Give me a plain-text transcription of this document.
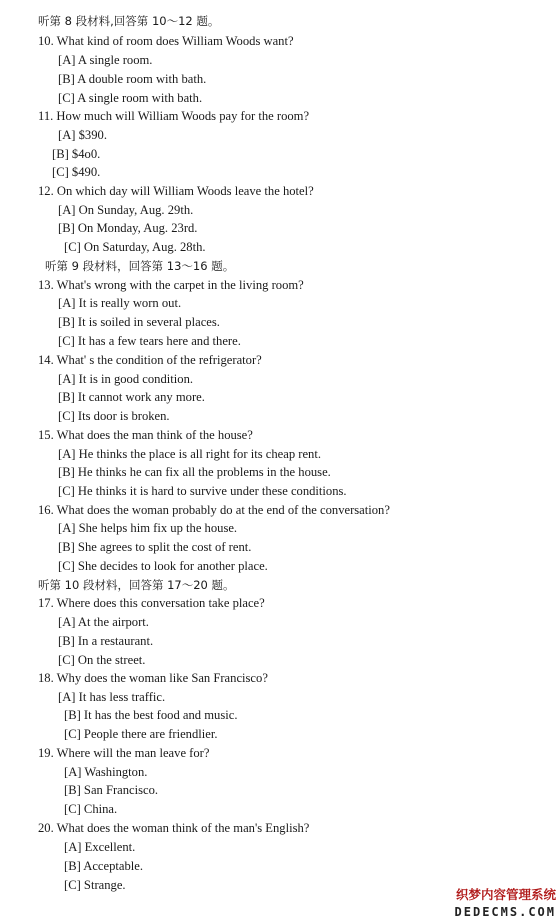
听第 8 段材料,回答第 10～12 题。
10. What kind of room does William Woods want?
[A] A single room.
[B] A double room with bath.
[C] A single room with bath.
11. How much will William Woods pay for the room?
[A] $390.
[B] $4o0.
[C] $490.
12. On which day will William Woods leave the hotel?
[A] On Sunday, Aug. 29th.
[B] On Monday, Aug. 23rd.
[C] On Saturday, Aug. 28th.
听第 9 段材料，回答第 13～16 题。
13. What's wrong with the carpet in the living room?
[A] It is really worn out.
[B] It is soiled in several places.
[C] It has a few tears here and there.
14. What' s the condition of the refrigerator?
[A] It is in good condition.
[B] It cannot work any more.
[C] Its door is broken.
15. What does the man think of the house?
[A] He thinks the place is all right for its cheap rent.
[B] He thinks he can fix all the problems in the house.
[C] He thinks it is hard to survive under these conditions.
16. What does the woman probably do at the end of the conversation?
[A] She helps him fix up the house.
[B] She agrees to split the cost of rent.
[C] She decides to look for another place.
听第 10 段材料，回答第 17～20 题。
17. Where does this conversation take place?
[A] At the airport.
[B] In a restaurant.
[C] On the street.
18. Why does the woman like San Francisco?
[A] It has less traffic.
[B] It has the best food and music.
[C] People there are friendlier.
19. Where will the man leave for?
[A] Washington.
[B] San Francisco.
[C] China.
20. What does the woman think of the man's English?
[A] Excellent.
[B] Acceptable.
[C] Strange.
织梦内容管理系统
DEDECMS.COM
